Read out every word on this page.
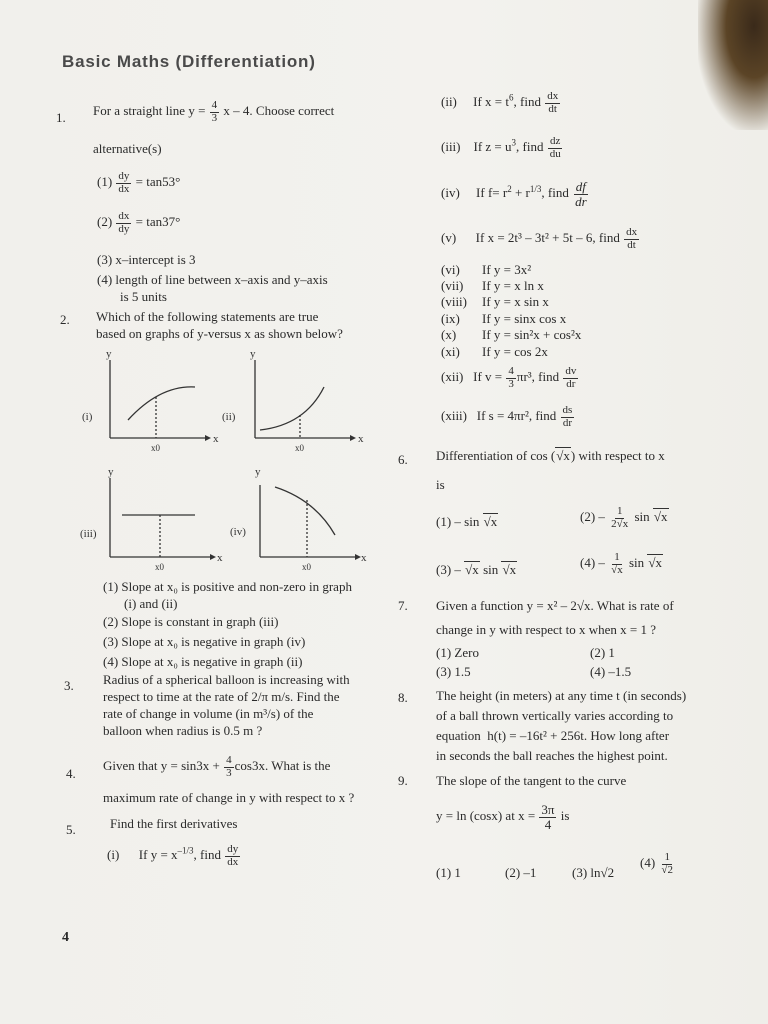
Basic Maths (Differentiation)
1. For a straight line $y = \frac{4}{3}$ x – 4. Choose correct
alternative(s)
$(1) \frac{dy}{dx} = \tan 53^\circ$
$(2) \frac{dx}{dy} = \tan 37^\circ$
(3) x–intercept is 3
(4) length of line between x–axis and y–axis
is 5 units
2. Which of the following statements are true
based on graphs of y-versus x as shown below?
y
x
x0
y
x
x0
y
x
x0
y
x
x0
(i)	(ii)
(iii)	(iv)
(1) Slope at x₀ is positive and non-zero in graph
(i) and (ii)
(2) Slope is constant in graph (iii)
(3) Slope at x₀ is negative in graph (iv)
(4) Slope at x₀ is negative in graph (ii)
3. Radius of a spherical balloon is increasing with
respect to time at the rate of 2/π m/s. Find the
rate of change in volume (in m³/s) of the
balloon when radius is 0.5 m ?
4.
Given that $y = \sin 3x + \frac{4}{3} \cos 3x$. What is the
maximum rate of change in y with respect to x ?
5.	Find the first derivatives
(i) If $y = x^{-1/3}$, find $\frac{dy}{dx}$
(ii) If $x = t^6$, find $\frac{dx}{dt}$
(iii) If $z = u^3$, find $\frac{dz}{du}$
(iv) If $f= r^2 + r^{1/3}$, find $\frac{df}{dr}$
(v) If x = 2t³ – 3t² + 5t – 6, find $\frac{dx}{dt}$
(vi) If y = 3x²
(vii) If y = x ln x
(viii) If y = x sin x
(ix) If y = sinx cos x
(x) If y = sin²x + cos²x
(xi) If y = cos 2x
(xii) If $v = \frac{4}{3} \pi r^3$, find $\frac{dv}{dr}$
(xiii) If s = 4πr², find $\frac{ds}{dr}$
6. Differentiation of cos (√x) with respect to x
is
(1) – sin √x	$(2) - \frac{1}{2√x}$ sin √x
(3) – √x sin √x	$(4) - \frac{1}{√x}$ sin √x
7. Given a function y = x² – 2√x. What is rate of
change in y with respect to x when x = 1 ?
(1) Zero	(2) 1
(3) 1.5	(4) –1.5
8. The height (in meters) at any time t (in seconds)
of a ball thrown vertically varies according to
equation h(t) = –16t² + 256t. How long after
in seconds the ball reaches the highest point.
9. The slope of the tangent to the curve
y = ln (cosx) at $x = \frac{3\pi}{4}$ is
(1) 1	(2) –1	(3) ln√2
$(4) \frac{1}{√2}$
4
